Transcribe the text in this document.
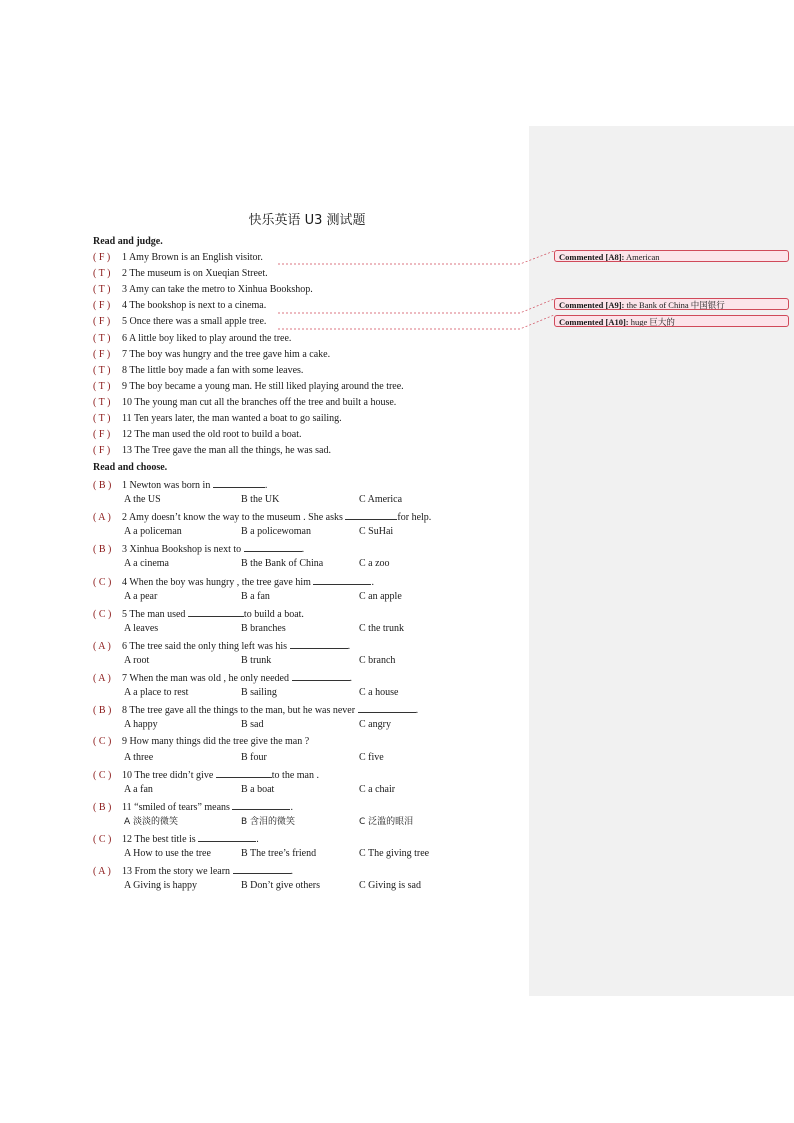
快乐英语 U3 测试题
Read and judge.
( F ) 1 Amy Brown is an English visitor.
( T ) 2 The museum is on Xueqian Street.
( T ) 3 Amy can take the metro to Xinhua Bookshop.
( F ) 4 The bookshop is next to a cinema.
( F ) 5 Once there was a small apple tree.
( T ) 6 A little boy liked to play around the tree.
( F ) 7 The boy was hungry and the tree gave him a cake.
( T ) 8 The little boy made a fan with some leaves.
( T ) 9 The boy became a young man. He still liked playing around the tree.
( T ) 10 The young man cut all the branches off the tree and built a house.
( T ) 11 Ten years later, the man wanted a boat to go sailing.
( F ) 12 The man used the old root to build a boat.
( F ) 13 The Tree gave the man all the things, he was sad.
Read and choose.
( B ) 1 Newton was born in	.
A the US	B the UK	C America
( A ) 2 Amy doesn’t know the way to the museum . She asks	for help.
A a policeman	B a policewoman	C SuHai
( B ) 3 Xinhua Bookshop is next to	.
A a cinema	B the Bank of China	C a zoo
( C ) 4 When the boy was hungry , the tree gave him	.
A a pear	B a fan	C an apple
( C ) 5 The man used	to build a boat.
A leaves	B branches	C the trunk
( A ) 6 The tree said the only thing left was his	.
A root	B trunk	C branch
( A ) 7 When the man was old , he only needed	.
A a place to rest	B sailing	C a house
( B ) 8 The tree gave all the things to the man, but he was never	.
A happy	B sad	C angry
( C ) 9 How many things did the tree give the man ?
A three	B four	C five
( C ) 10 The tree didn’t give	to the man .
A a fan	B a boat	C a chair
( B ) 11 “smiled of tears” means	.
A 淡淡的微笑	B 含泪的微笑	C 泛滥的眼泪
( C ) 12 The best title is	.
A How to use the tree	B The tree’s friend	C The giving tree
( A ) 13 From the story we learn	.
A Giving is happy	B Don’t give others	C Giving is sad
Commented [A8]: American
Commented [A9]: the Bank of China 中国银行
Commented [A10]: huge 巨大的
